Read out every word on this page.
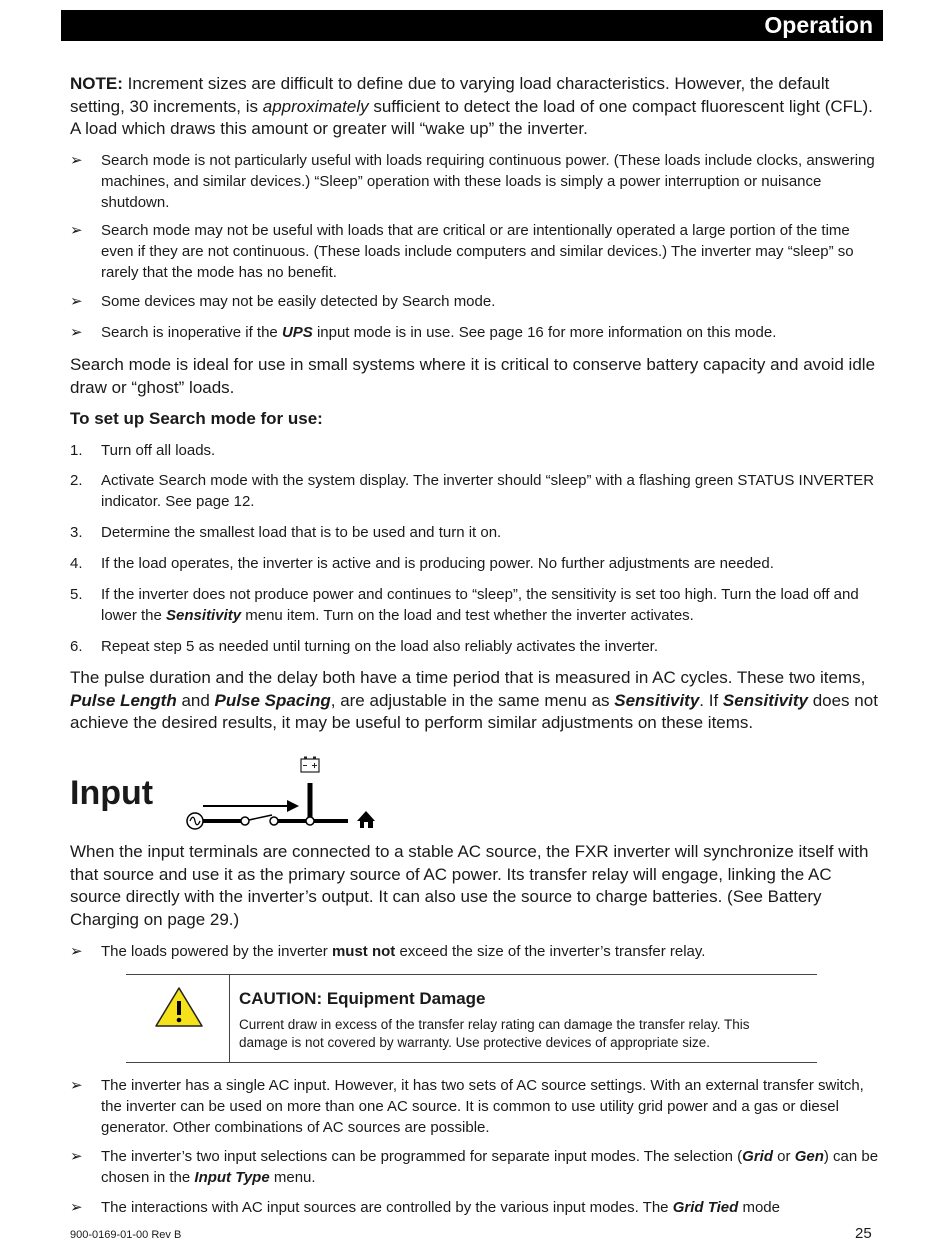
Operation

NOTE: Increment sizes are difficult to define due to varying load characteristics. However, the default setting, 30 increments, is approximately sufficient to detect the load of one compact fluorescent light (CFL). A load which draws this amount or greater will “wake up” the inverter.

➢ Search mode is not particularly useful with loads requiring continuous power. (These loads include clocks, answering machines, and similar devices.) “Sleep” operation with these loads is simply a power interruption or nuisance shutdown.
➢ Search mode may not be useful with loads that are critical or are intentionally operated a large portion of the time even if they are not continuous. (These loads include computers and similar devices.) The inverter may “sleep” so rarely that the mode has no benefit.
➢ Some devices may not be easily detected by Search mode.
➢ Search is inoperative if the UPS input mode is in use. See page 16 for more information on this mode.

Search mode is ideal for use in small systems where it is critical to conserve battery capacity and avoid idle draw or “ghost” loads.

To set up Search mode for use:
1. Turn off all loads.
2. Activate Search mode with the system display. The inverter should “sleep” with a flashing green STATUS INVERTER indicator. See page 12.
3. Determine the smallest load that is to be used and turn it on.
4. If the load operates, the inverter is active and is producing power. No further adjustments are needed.
5. If the inverter does not produce power and continues to “sleep”, the sensitivity is set too high. Turn the load off and lower the Sensitivity menu item. Turn on the load and test whether the inverter activates.
6. Repeat step 5 as needed until turning on the load also reliably activates the inverter.

The pulse duration and the delay both have a time period that is measured in AC cycles. These two items, Pulse Length and Pulse Spacing, are adjustable in the same menu as Sensitivity. If Sensitivity does not achieve the desired results, it may be useful to perform similar adjustments on these items.

Input

When the input terminals are connected to a stable AC source, the FXR inverter will synchronize itself with that source and use it as the primary source of AC power. Its transfer relay will engage, linking the AC source directly with the inverter’s output. It can also use the source to charge batteries. (See Battery Charging on page 29.)

➢ The loads powered by the inverter must not exceed the size of the inverter’s transfer relay.
CAUTION: Equipment Damage
Current draw in excess of the transfer relay rating can damage the transfer relay. This damage is not covered by warranty. Use protective devices of appropriate size.
➢ The inverter has a single AC input. However, it has two sets of AC source settings. With an external transfer switch, the inverter can be used on more than one AC source. It is common to use utility grid power and a gas or diesel generator. Other combinations of AC sources are possible.
➢ The inverter’s two input selections can be programmed for separate input modes. The selection (Grid or Gen) can be chosen in the Input Type menu.
➢ The interactions with AC input sources are controlled by the various input modes. The Grid Tied mode
900-0169-01-00 Rev B	25
